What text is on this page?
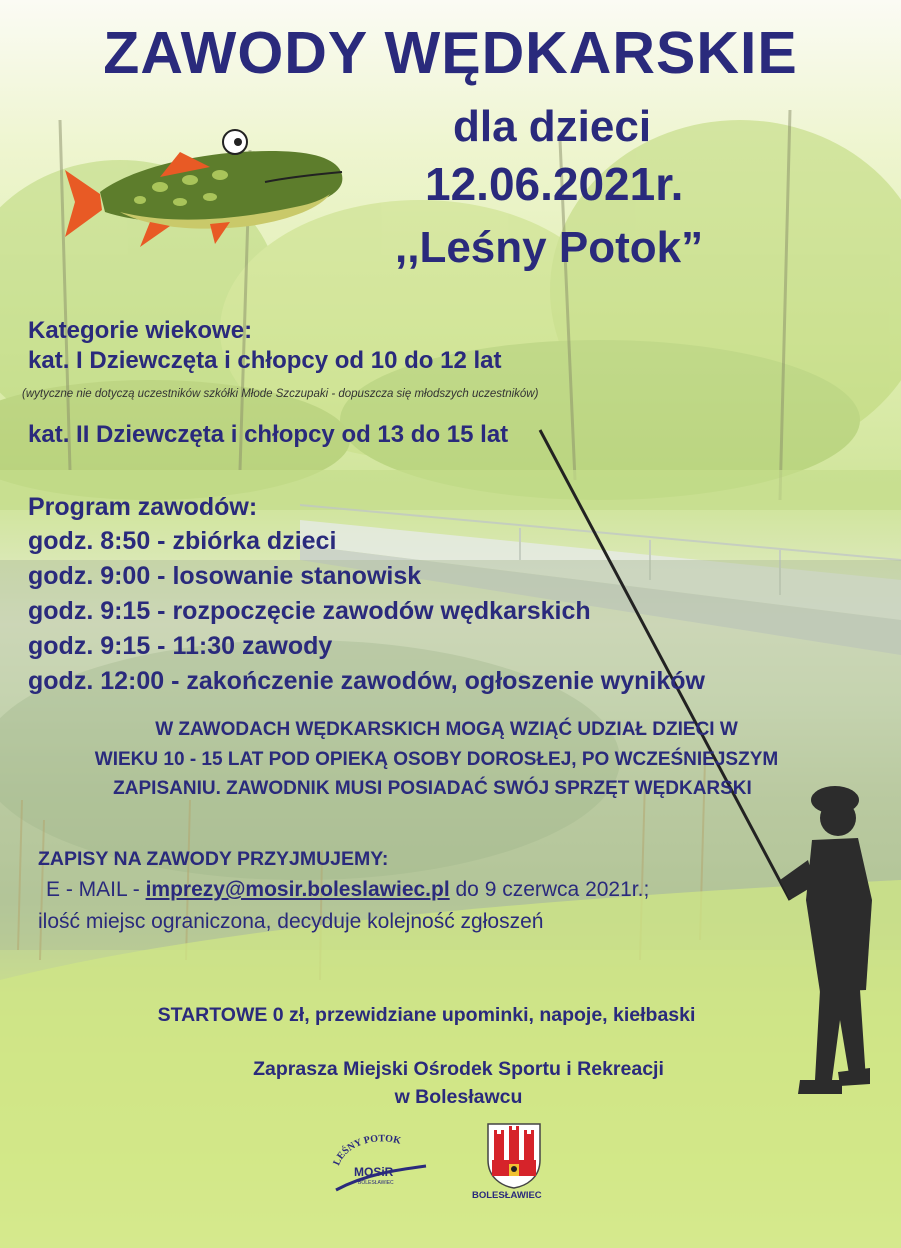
ZAWODY WĘDKARSKIE
dla dzieci
12.06.2021r.
,,Leśny Potok”
Kategorie wiekowe:
kat. I Dziewczęta i chłopcy od 10 do 12 lat
(wytyczne nie dotyczą uczestników szkółki Młode Szczupaki - dopuszcza się młodszych uczestników)
kat. II Dziewczęta i chłopcy od 13 do 15 lat
Program zawodów:
godz. 8:50 - zbiórka dzieci
godz. 9:00 - losowanie stanowisk
godz. 9:15 - rozpoczęcie zawodów wędkarskich
godz. 9:15 - 11:30 zawody
godz. 12:00 - zakończenie zawodów, ogłoszenie wyników
W ZAWODACH WĘDKARSKICH MOGĄ WZIĄĆ UDZIAŁ DZIECI W
WIEKU 10 - 15 LAT POD OPIEKĄ OSOBY DOROSŁEJ, PO WCZEŚNIEJSZYM
ZAPISANIU. ZAWODNIK MUSI POSIADAĆ SWÓJ SPRZĘT WĘDKARSKI
ZAPISY NA ZAWODY PRZYJMUJEMY:
E - MAIL - imprezy@mosir.boleslawiec.pl do 9 czerwca 2021r.;
ilość miejsc ograniczona, decyduje kolejność zgłoszeń
STARTOWE 0 zł, przewidziane upominki, napoje, kiełbaski
Zaprasza Miejski Ośrodek Sportu i Rekreacji
w Bolesławcu
LEŚNY POTOK
MOSiR
BOLESŁAWIEC
BOLESŁAWIEC
